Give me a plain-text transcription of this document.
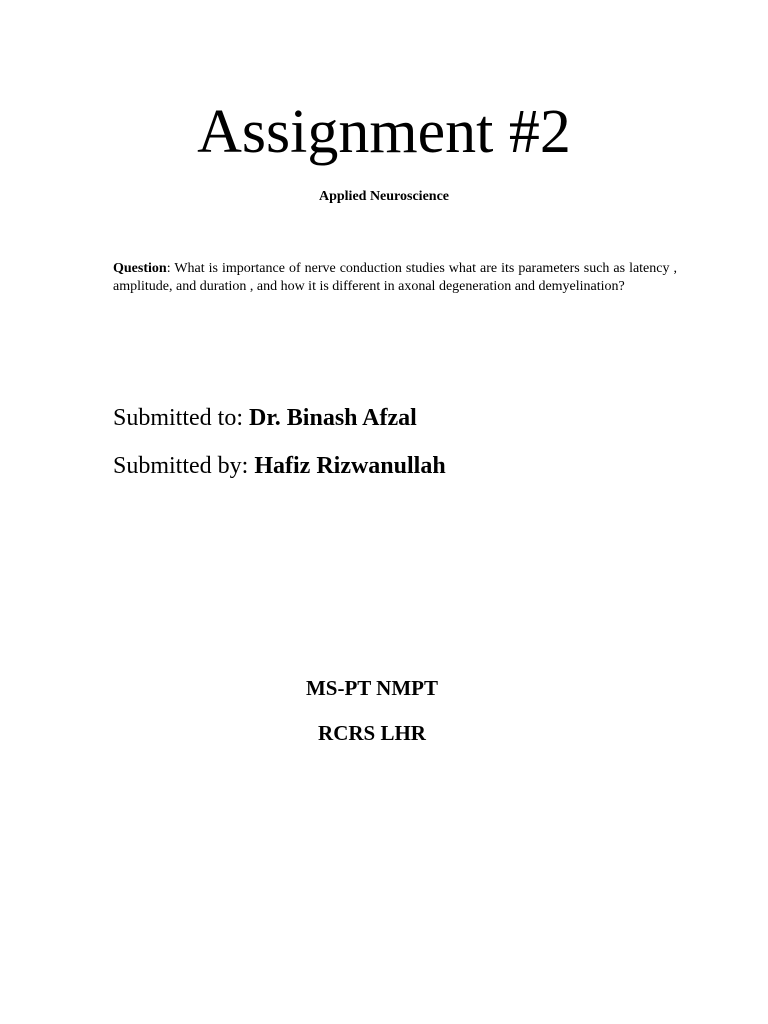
Assignment #2
Applied Neuroscience
Question: What is importance of nerve conduction studies what are its parameters such as latency , amplitude, and duration , and how it is different in axonal degeneration and demyelination?
Submitted to: Dr. Binash Afzal
Submitted by: Hafiz Rizwanullah
MS-PT NMPT
RCRS LHR
